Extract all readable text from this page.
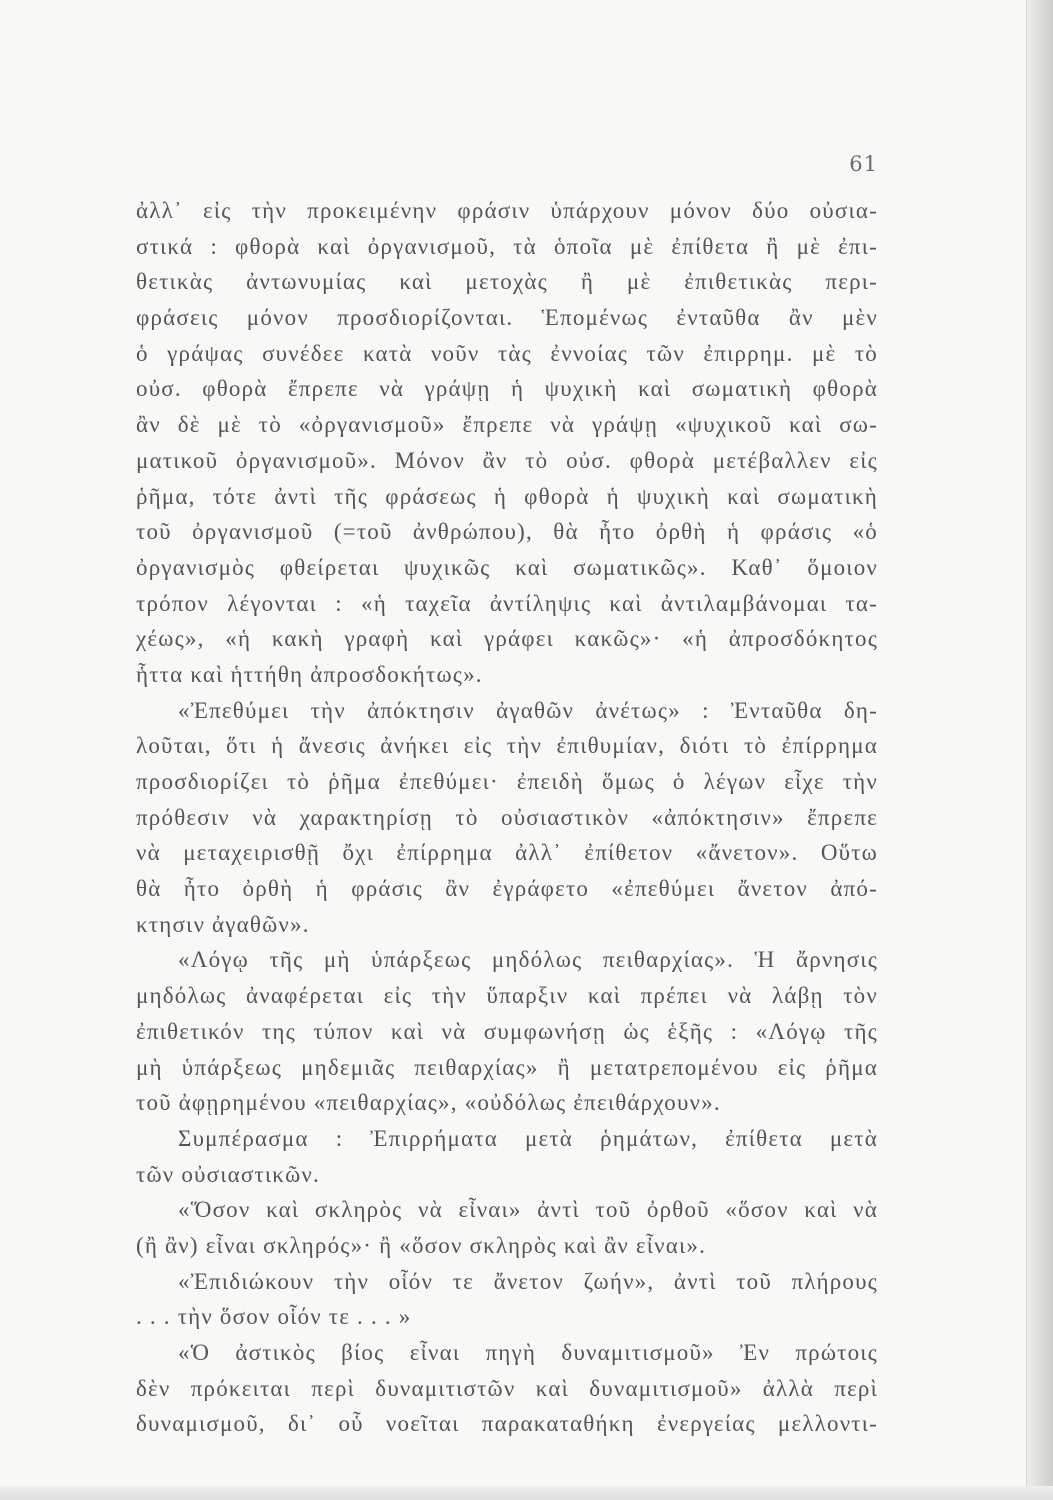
61
ἀλλ᾽ εἰς τὴν προκειμένην φράσιν ὑπάρχουν μόνον δύο οὐσια-
στικά : φθορὰ καὶ ὀργανισμοῦ, τὰ ὁποῖα μὲ ἐπίθετα ἢ μὲ ἐπι-
θετικὰς ἀντωνυμίας καὶ μετοχὰς ἢ μὲ ἐπιθετικὰς περι-
φράσεις μόνον προσδιορίζονται. Ἑπομένως ἐνταῦθα ἂν μὲν
ὁ γράψας συνέδεε κατὰ νοῦν τὰς ἐννοίας τῶν ἐπιρρημ. μὲ τὸ
οὐσ. φθορὰ ἔπρεπε νὰ γράψῃ ἡ ψυχικὴ καὶ σωματικὴ φθορὰ
ἂν δὲ μὲ τὸ «ὀργανισμοῦ» ἔπρεπε νὰ γράψῃ «ψυχικοῦ καὶ σω-
ματικοῦ ὀργανισμοῦ». Μόνον ἂν τὸ οὐσ. φθορὰ μετέβαλλεν εἰς
ῥῆμα, τότε ἀντὶ τῆς φράσεως ἡ φθορὰ ἡ ψυχικὴ καὶ σωματικὴ
τοῦ ὀργανισμοῦ (=τοῦ ἀνθρώπου), θὰ ἦτο ὀρθὴ ἡ φράσις «ὁ
ὀργανισμὸς φθείρεται ψυχικῶς καὶ σωματικῶς». Καθ᾽ ὅμοιον
τρόπον λέγονται : «ἡ ταχεῖα ἀντίληψις καὶ ἀντιλαμβάνομαι τα-
χέως», «ἡ κακὴ γραφὴ καὶ γράφει κακῶς»· «ἡ ἀπροσδόκητος
ἧττα καὶ ἡττήθη ἀπροσδοκήτως».
«Ἐπεθύμει τὴν ἀπόκτησιν ἀγαθῶν ἀνέτως» : Ἐνταῦθα δη-
λοῦται, ὅτι ἡ ἄνεσις ἀνήκει εἰς τὴν ἐπιθυμίαν, διότι τὸ ἐπίρρημα
προσδιορίζει τὸ ῥῆμα ἐπεθύμει· ἐπειδὴ ὅμως ὁ λέγων εἶχε τὴν
πρόθεσιν νὰ χαρακτηρίσῃ τὸ οὐσιαστικὸν «ἀπόκτησιν» ἔπρεπε
νὰ μεταχειρισθῇ ὄχι ἐπίρρημα ἀλλ᾽ ἐπίθετον «ἄνετον». Οὕτω
θὰ ἦτο ὀρθὴ ἡ φράσις ἂν ἐγράφετο «ἐπεθύμει ἄνετον ἀπό-
κτησιν ἀγαθῶν».
«Λόγῳ τῆς μὴ ὑπάρξεως μηδόλως πειθαρχίας». Ἡ ἄρνησις
μηδόλως ἀναφέρεται εἰς τὴν ὕπαρξιν καὶ πρέπει νὰ λάβῃ τὸν
ἐπιθετικόν της τύπον καὶ νὰ συμφωνήσῃ ὡς ἑξῆς : «Λόγῳ τῆς
μὴ ὑπάρξεως μηδεμιᾶς πειθαρχίας» ἢ μετατρεπομένου εἰς ῥῆμα
τοῦ ἀφῃρημένου «πειθαρχίας», «οὐδόλως ἐπειθάρχουν».
Συμπέρασμα : Ἐπιρρήματα μετὰ ῥημάτων, ἐπίθετα μετὰ
τῶν οὐσιαστικῶν.
«Ὅσον καὶ σκληρὸς νὰ εἶναι» ἀντὶ τοῦ ὀρθοῦ «ὅσον καὶ νὰ
(ἢ ἂν) εἶναι σκληρός»· ἢ «ὅσον σκληρὸς καὶ ἂν εἶναι».
«Ἐπιδιώκουν τὴν οἷόν τε ἄνετον ζωήν», ἀντὶ τοῦ πλήρους
. . . τὴν ὅσον οἷόν τε . . . »
«Ὁ ἀστικὸς βίος εἶναι πηγὴ δυναμιτισμοῦ» Ἐν πρώτοις
δὲν πρόκειται περὶ δυναμιτιστῶν καὶ δυναμιτισμοῦ» ἀλλὰ περὶ
δυναμισμοῦ, δι᾽ οὗ νοεῖται παρακαταθήκη ἐνεργείας μελλοντι-
